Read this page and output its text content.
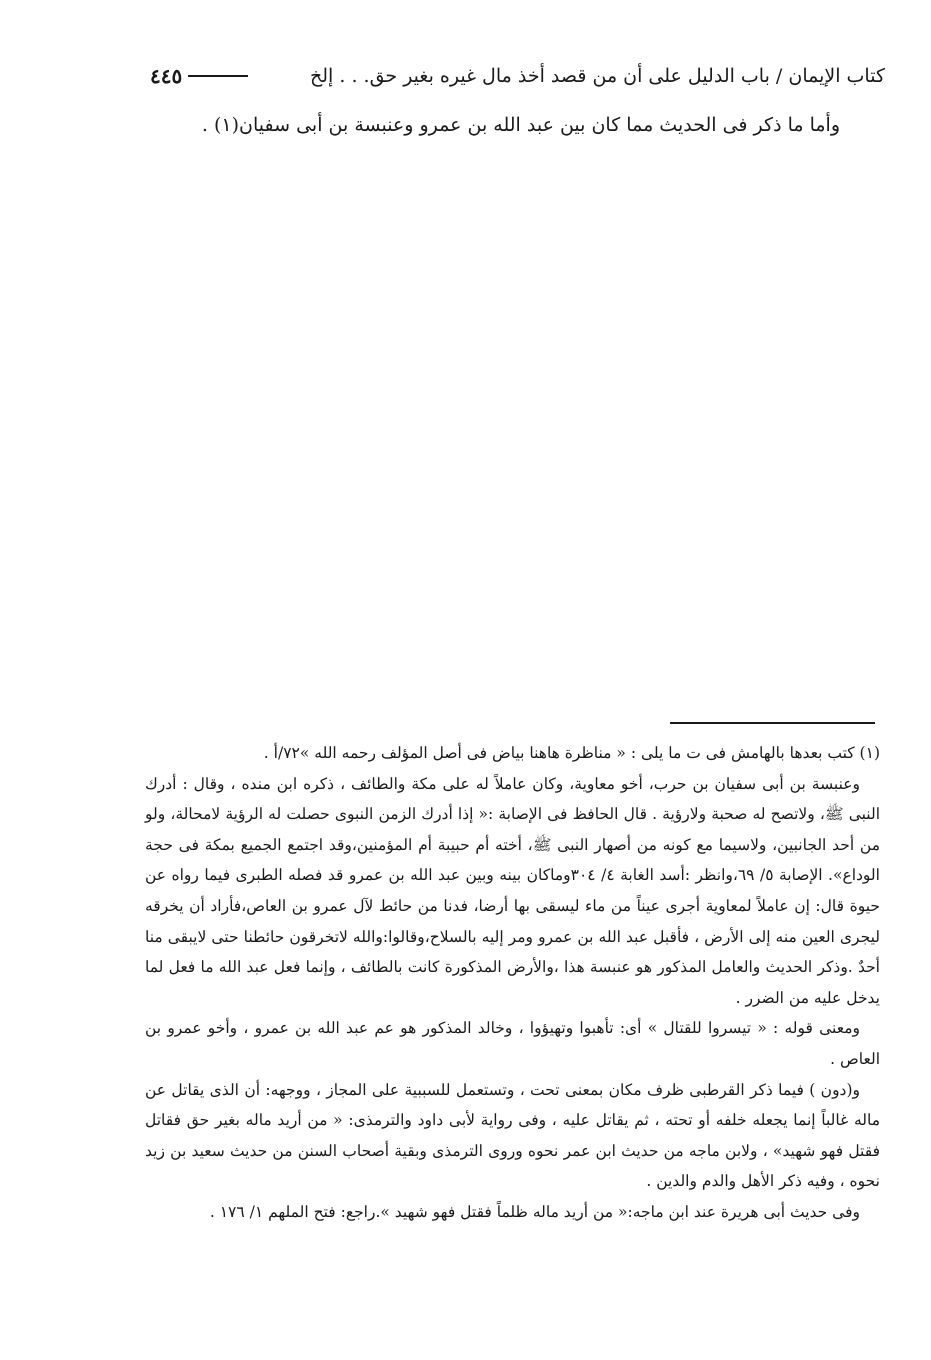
كتاب الإيمان / باب الدليل على أن من قصد أخذ مال غيره بغير حق. . . إلخ
٤٤٥
وأما ما ذكر فى الحديث مما كان بين عبد الله بن عمرو وعنبسة بن أبى سفيان(١) .

(١) كتب بعدها بالهامش فى ت ما يلى : « مناظرة هاهنا بياض فى أصل المؤلف رحمه الله »٧٢/أ .

وعنبسة بن أبى سفيان بن حرب، أخو معاوية، وكان عاملاً له على مكة والطائف ، ذكره ابن منده ، وقال : أدرك النبى ﷺ، ولاتصح له صحبة ولارؤية . قال الحافظ فى الإصابة :« إذا أدرك الزمن النبوى حصلت له الرؤية لامحالة، ولو من أحد الجانبين، ولاسيما مع كونه من أصهار النبى ﷺ، أخته أم حبيبة أم المؤمنين،وقد اجتمع الجميع بمكة فى حجة الوداع». الإصابة ٥/ ٦٩،وانظر :أسد الغابة ٤/ ٣٠٤وماكان بينه وبين عبد الله بن عمرو قد فصله الطبرى فيما رواه عن حيوة قال: إن عاملاً لمعاوية أجرى عيناً من ماء ليسقى بها أرضا، فدنا من حائط لآل عمرو بن العاص،فأراد أن يخرقه ليجرى العين منه إلى الأرض ، فأقبل عبد الله بن عمرو ومر إليه بالسلاح،وقالوا:والله لاتخرقون حائطنا حتى لايبقى منا أحدٌ .وذكر الحديث والعامل المذكور هو عنبسة هذا ،والأرض المذكورة كانت بالطائف ، وإنما فعل عبد الله ما فعل لما يدخل عليه من الضرر .

ومعنى قوله : « تيسروا للقتال » أى: تأهبوا وتهيؤوا ، وخالد المذكور هو عم عبد الله بن عمرو ، وأخو عمرو بن العاص .

و(دون ) فيما ذكر القرطبى ظرف مكان بمعنى تحت ، وتستعمل للسببية على المجاز ، ووجهه: أن الذى يقاتل عن ماله غالباً إنما يجعله خلفه أو تحته ، ثم يقاتل عليه ، وفى رواية لأبى داود والترمذى: « من أريد ماله بغير حق فقاتل فقتل فهو شهيد» ، ولابن ماجه من حديث ابن عمر نحوه وروى الترمذى وبقية أصحاب السنن من حديث سعيد بن زيد نحوه ، وفيه ذكر الأهل والدم والدين .

وفى حديث أبى هريرة عند ابن ماجه:« من أريد ماله ظلماً فقتل فهو شهيد ».راجع: فتح الملهم ١/ ١٧٦ .
